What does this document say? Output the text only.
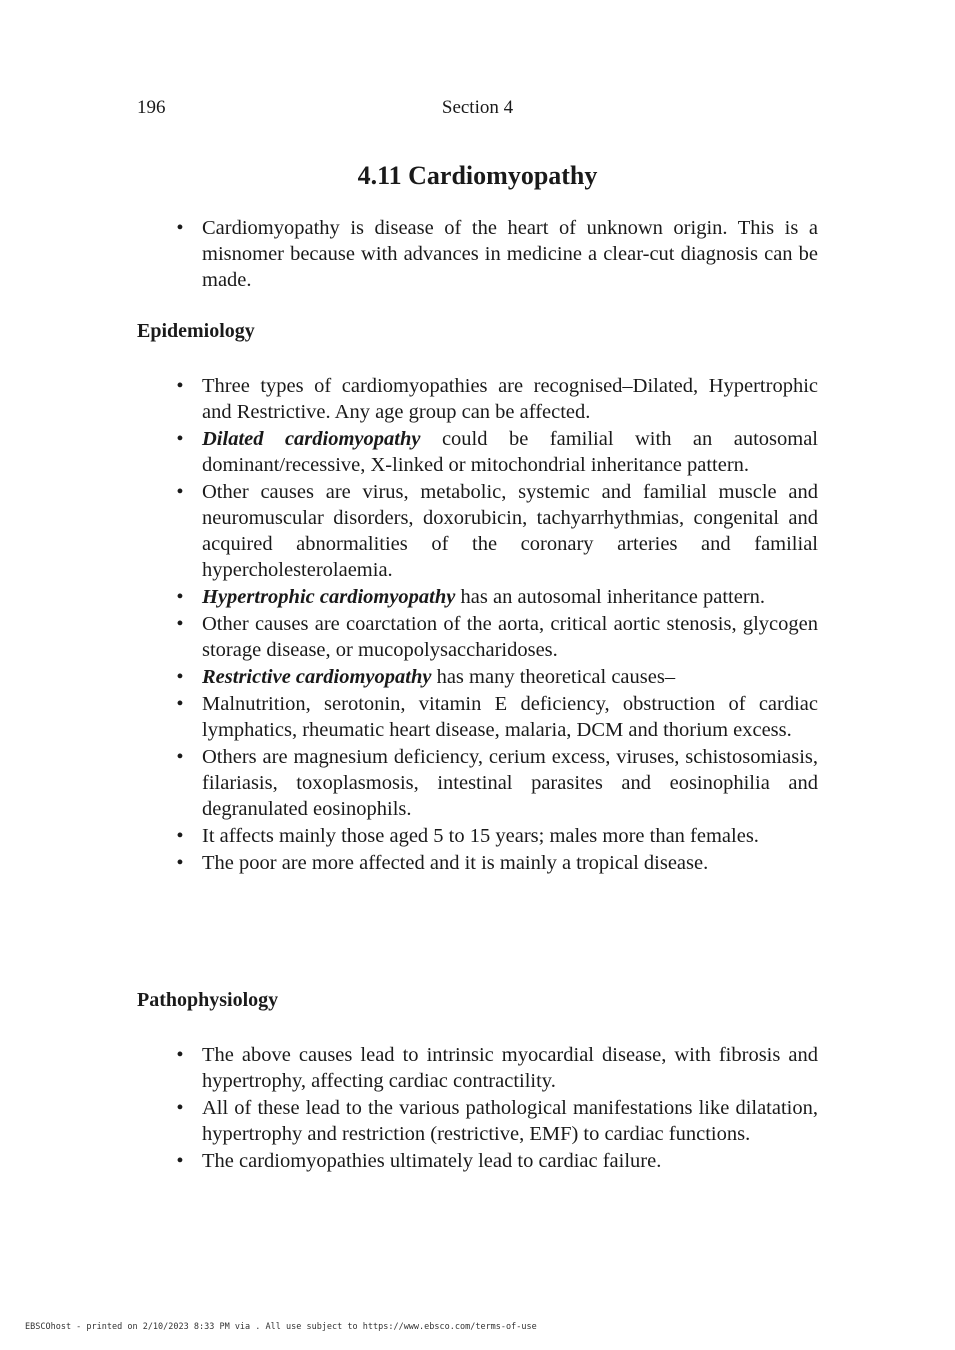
196	Section 4
4.11 Cardiomyopathy
• Cardiomyopathy is disease of the heart of unknown origin. This is a misnomer because with advances in medicine a clear-cut diagnosis can be made.
Epidemiology
• Three types of cardiomyopathies are recognised–Dilated, Hypertrophic and Restrictive. Any age group can be affected.
• Dilated cardiomyopathy could be familial with an autosomal dominant/recessive, X-linked or mitochondrial inheritance pattern.
• Other causes are virus, metabolic, systemic and familial muscle and neuromuscular disorders, doxorubicin, tachyarrhythmias, congenital and acquired abnormalities of the coronary arteries and familial hypercholesterolaemia.
• Hypertrophic cardiomyopathy has an autosomal inheritance pattern.
• Other causes are coarctation of the aorta, critical aortic stenosis, glycogen storage disease, or mucopolysaccharidoses.
• Restrictive cardiomyopathy has many theoretical causes–
• Malnutrition, serotonin, vitamin E deficiency, obstruction of cardiac lymphatics, rheumatic heart disease, malaria, DCM and thorium excess.
• Others are magnesium deficiency, cerium excess, viruses, schistosomiasis, filariasis, toxoplasmosis, intestinal parasites and eosinophilia and degranulated eosinophils.
• It affects mainly those aged 5 to 15 years; males more than females.
• The poor are more affected and it is mainly a tropical disease.
Pathophysiology
• The above causes lead to intrinsic myocardial disease, with fibrosis and hypertrophy, affecting cardiac contractility.
• All of these lead to the various pathological manifestations like dilatation, hypertrophy and restriction (restrictive, EMF) to cardiac functions.
• The cardiomyopathies ultimately lead to cardiac failure.
EBSCOhost - printed on 2/10/2023 8:33 PM via . All use subject to https://www.ebsco.com/terms-of-use
